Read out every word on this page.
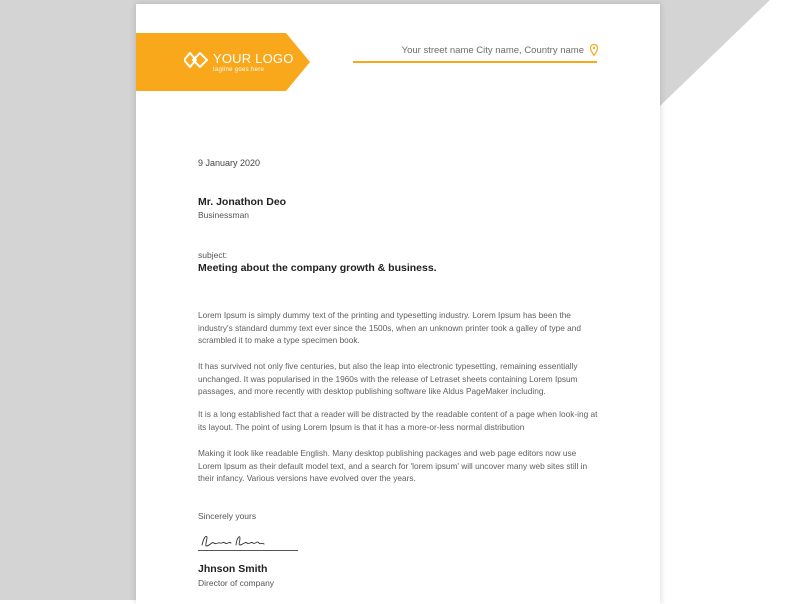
YOUR LOGO
tagline goes here
Your street name City name, Country name
9 January 2020
Mr. Jonathon Deo
Businessman
subject:
Meeting about the company growth & business.
Lorem Ipsum is simply dummy text of the printing and typesetting industry. Lorem Ipsum has been the industry's standard dummy text ever since the 1500s, when an unknown printer took a galley of type and scrambled it to make a type specimen book.
It has survived not only five centuries, but also the leap into electronic typesetting, remaining essentially unchanged. It was popularised in the 1960s with the release of Letraset sheets containing Lorem Ipsum passages, and more recently with desktop publishing software like Aldus PageMaker including.
It is a long established fact that a reader will be distracted by the readable content of a page when look-ing at its layout. The point of using Lorem Ipsum is that it has a more-or-less normal distribution
Making it look like readable English. Many desktop publishing packages and web page editors now use Lorem Ipsum as their default model text, and a search for 'lorem ipsum' will uncover many web sites still in their infancy. Various versions have evolved over the years.
Sincerely yours
Jhnson Smith
Director of company
